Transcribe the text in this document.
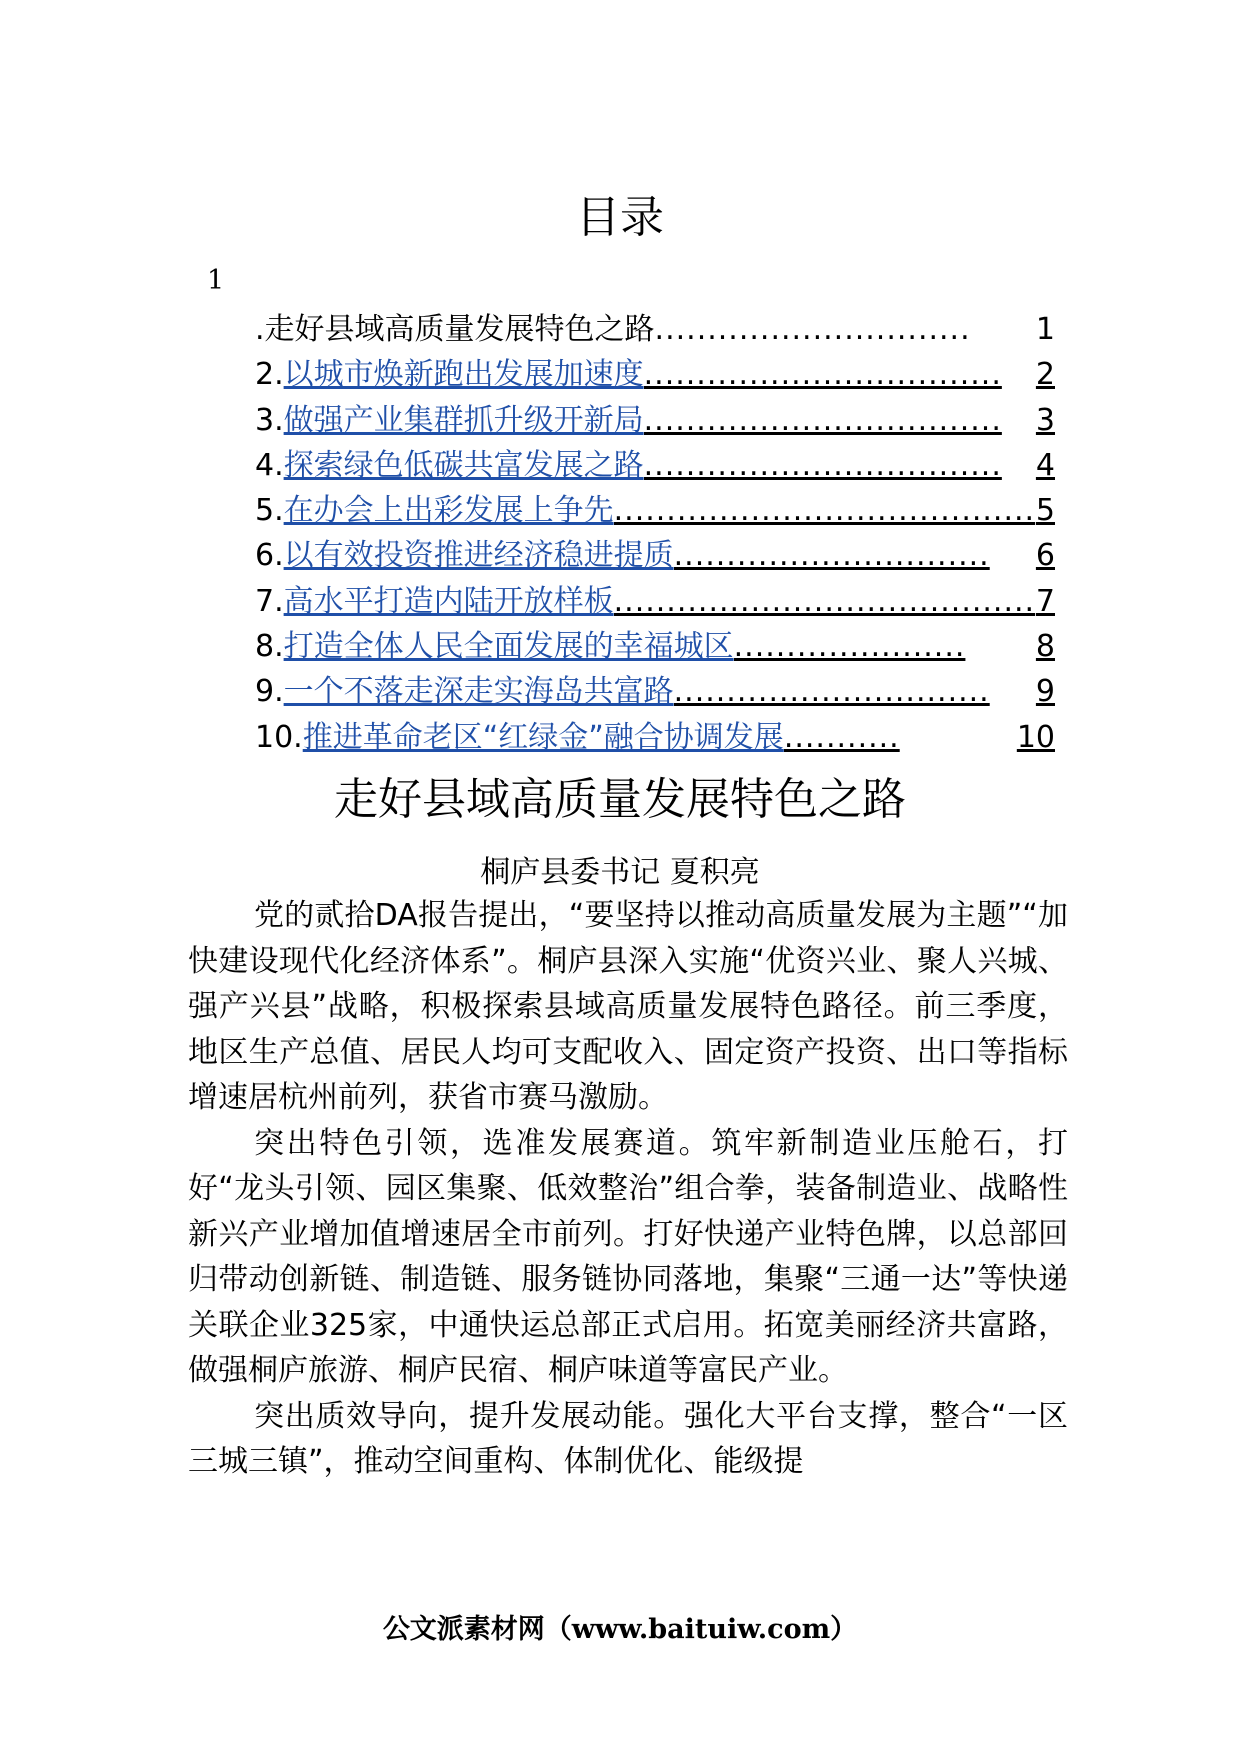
目录
1
. 走好县域高质量发展特色之路 ..............................	1
2. 以城市焕新跑出发展加速度 ..................................	2
3. 做强产业集群抓升级开新局 ..................................	3
4. 探索绿色低碳共富发展之路 ..................................	4
5. 在办会上出彩发展上争先 ........................................ 5
6. 以有效投资推进经济稳进提质 ..............................	6
7. 高水平打造内陆开放样板 ........................................ 7
8. 打造全体人民全面发展的幸福城区 ......................	8
9. 一个不落走深走实海岛共富路 ..............................	9
10. 推进革命老区“红绿金”融合协调发展 ...........	10
走好县域高质量发展特色之路
桐庐县委书记 夏积亮

党的贰拾DA报告提出，“要坚持以推动高质量发展为主题”“加快建设现代化经济体系”。桐庐县深入实施“优资兴业、聚人兴城、强产兴县”战略，积极探索县域高质量发展特色路径。前三季度，地区生产总值、居民人均可支配收入、固定资产投资、出口等指标增速居杭州前列，获省市赛马激励。

突出特色引领，选准发展赛道。筑牢新制造业压舱石，打好“龙头引领、园区集聚、低效整治”组合拳，装备制造业、战略性新兴产业增加值增速居全市前列。打好快递产业特色牌，以总部回归带动创新链、制造链、服务链协同落地，集聚“三通一达”等快递关联企业325家，中通快运总部正式启用。拓宽美丽经济共富路，做强桐庐旅游、桐庐民宿、桐庐味道等富民产业。

突出质效导向，提升发展动能。强化大平台支撑，整合“一区三城三镇”，推动空间重构、体制优化、能级提

公文派素材网（www.baituiw.com）
